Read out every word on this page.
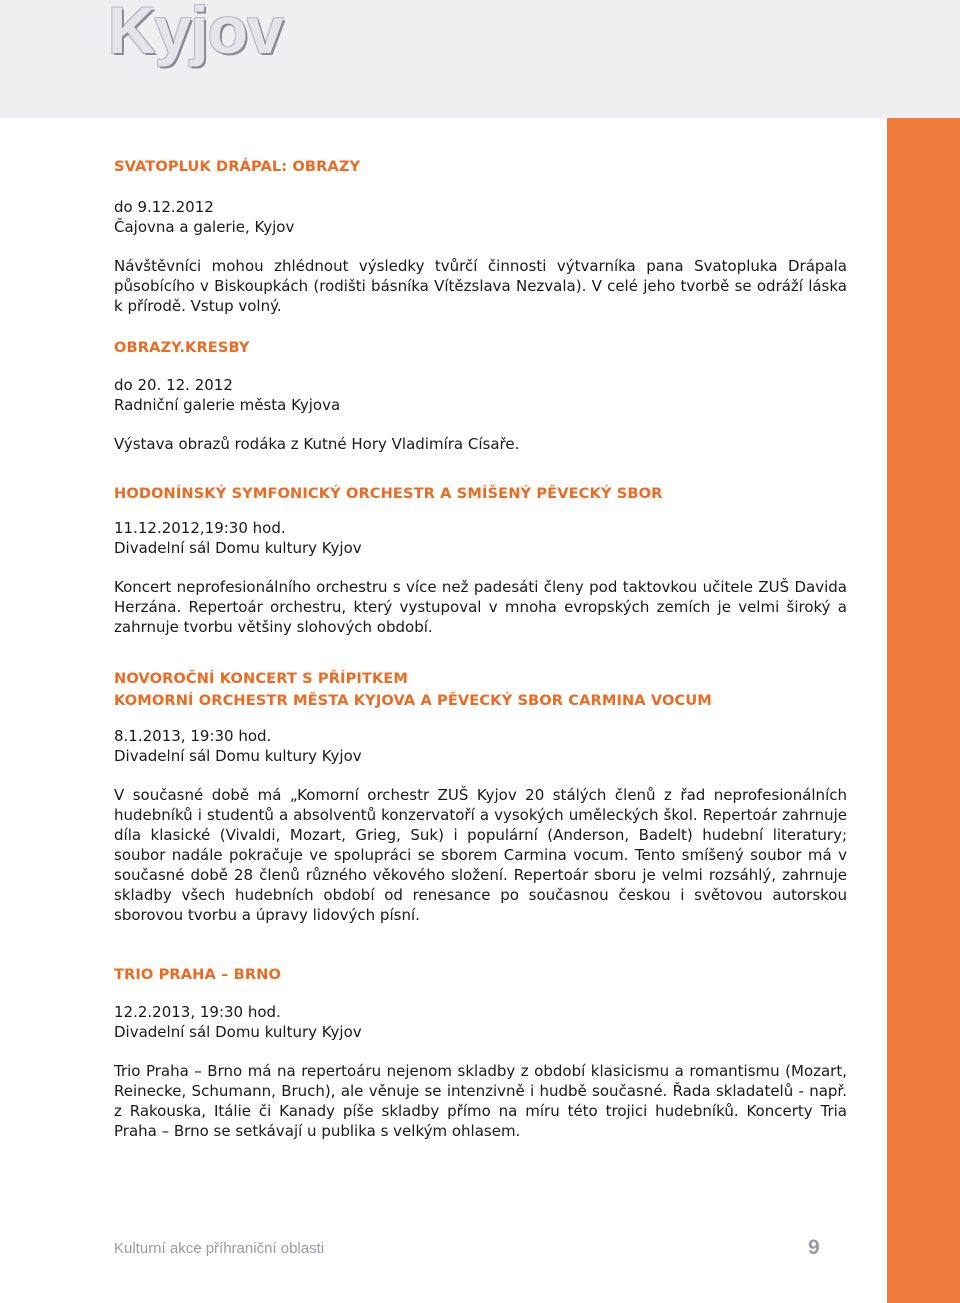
Kyjov

SVATOPLUK DRÁPAL: OBRAZY

do 9.12.2012

Čajovna a galerie, Kyjov

Návštěvníci mohou zhlédnout výsledky tvůrčí činnosti výtvarníka pana Svatopluka Drápala působícího v Biskoupkách (rodišti básníka Vítězslava Nezvala). V celé jeho tvorbě se odráží láska k přírodě. Vstup volný.

OBRAZY.KRESBY

do 20. 12. 2012

Radniční galerie města Kyjova

Výstava obrazů rodáka z Kutné Hory Vladimíra Císaře.

HODONÍNSKÝ SYMFONICKÝ ORCHESTR A SMÍŠENÝ PĚVECKÝ SBOR

11.12.2012,19:30 hod.

Divadelní sál Domu kultury Kyjov

Koncert neprofesionálního orchestru s více než padesáti členy pod taktovkou učitele ZUŠ Davida Herzána. Repertoár orchestru, který vystupoval v mnoha evropských zemích je velmi široký a zahrnuje tvorbu většiny slohových období.

NOVOROČNÍ KONCERT S PŘÍPITKEM

KOMORNÍ ORCHESTR MĚSTA KYJOVA A PĚVECKÝ SBOR CARMINA VOCUM

8.1.2013, 19:30 hod.

Divadelní sál Domu kultury Kyjov

V současné době má „Komorní orchestr ZUŠ Kyjov 20 stálých členů z řad neprofesionálních hudebníků i studentů a absolventů konzervatoří a vysokých uměleckých škol. Repertoár zahrnuje díla klasické (Vivaldi, Mozart, Grieg, Suk) i populární (Anderson, Badelt) hudební literatury; soubor nadále pokračuje ve spolupráci se sborem Carmina vocum. Tento smíšený soubor má v současné době 28 členů různého věkového složení. Repertoár sboru je velmi rozsáhlý, zahrnuje skladby všech hudebních období od renesance po současnou českou i světovou autorskou sborovou tvorbu a úpravy lidových písní.

TRIO PRAHA – BRNO

12.2.2013, 19:30 hod.

Divadelní sál Domu kultury Kyjov

Trio Praha – Brno má na repertoáru nejenom skladby z období klasicismu a romantismu (Mozart, Reinecke, Schumann, Bruch), ale věnuje se intenzivně i hudbě současné. Řada skladatelů - např. z Rakouska, Itálie či Kanady píše skladby přímo na míru této trojici hudebníků. Koncerty Tria Praha – Brno se setkávají u publika s velkým ohlasem.

Kulturní akce příhraniční oblasti	9
